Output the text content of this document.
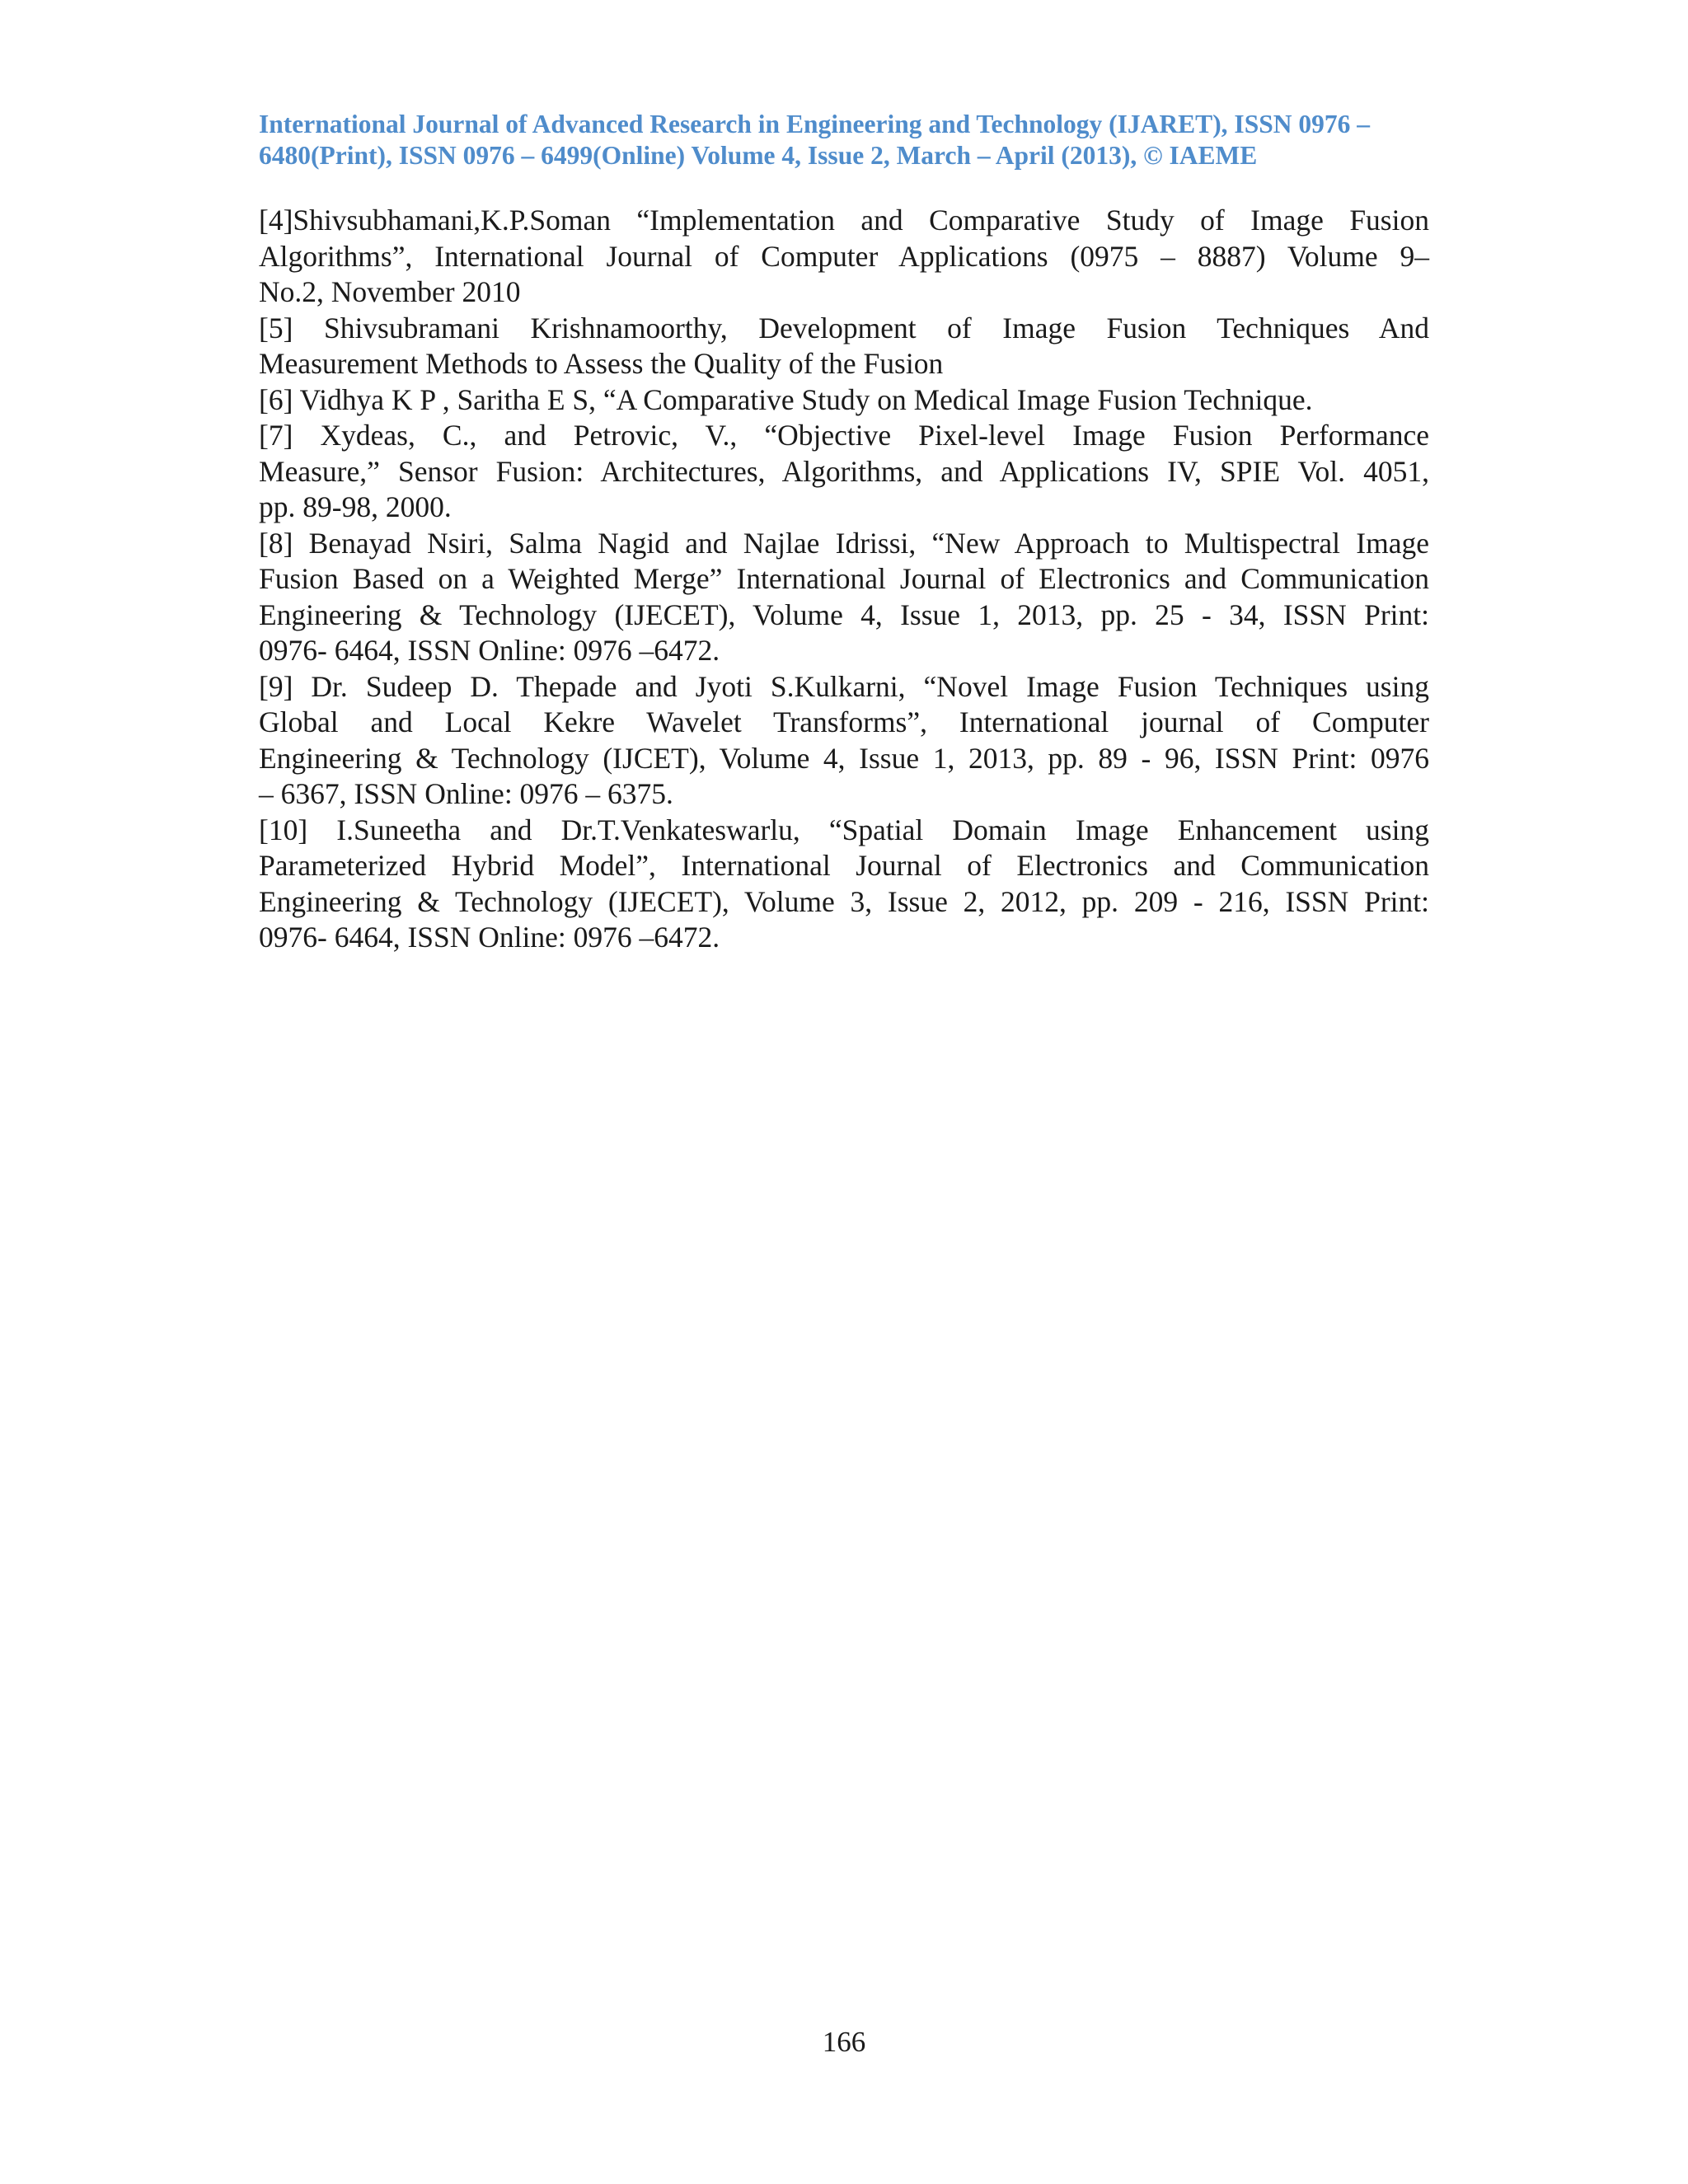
International Journal of Advanced Research in Engineering and Technology (IJARET), ISSN 0976 –
6480(Print), ISSN 0976 – 6499(Online) Volume 4, Issue 2, March – April (2013), © IAEME

[4]Shivsubhamani,K.P.Soman “Implementation and Comparative Study of Image Fusion
Algorithms”, International Journal of Computer Applications (0975 – 8887) Volume 9–
No.2, November 2010

[5] Shivsubramani Krishnamoorthy, Development of Image Fusion Techniques And
Measurement Methods to Assess the Quality of the Fusion

[6] Vidhya K P , Saritha E S, “A Comparative Study on Medical Image Fusion Technique.

[7] Xydeas, C., and Petrovic, V., “Objective Pixel-level Image Fusion Performance
Measure,” Sensor Fusion: Architectures, Algorithms, and Applications IV, SPIE Vol. 4051,
pp. 89-98, 2000.

[8] Benayad Nsiri, Salma Nagid and Najlae Idrissi, “New Approach to Multispectral Image
Fusion Based on a Weighted Merge” International Journal of Electronics and Communication
Engineering & Technology (IJECET), Volume 4, Issue 1, 2013, pp. 25 - 34, ISSN Print:
0976- 6464, ISSN Online: 0976 –6472.

[9] Dr. Sudeep D. Thepade and Jyoti S.Kulkarni, “Novel Image Fusion Techniques using
Global and Local Kekre Wavelet Transforms”, International journal of Computer
Engineering & Technology (IJCET), Volume 4, Issue 1, 2013, pp. 89 - 96, ISSN Print: 0976
– 6367, ISSN Online: 0976 – 6375.

[10] I.Suneetha and Dr.T.Venkateswarlu, “Spatial Domain Image Enhancement using
Parameterized Hybrid Model”, International Journal of Electronics and Communication
Engineering & Technology (IJECET), Volume 3, Issue 2, 2012, pp. 209 - 216, ISSN Print:
0976- 6464, ISSN Online: 0976 –6472.

166
